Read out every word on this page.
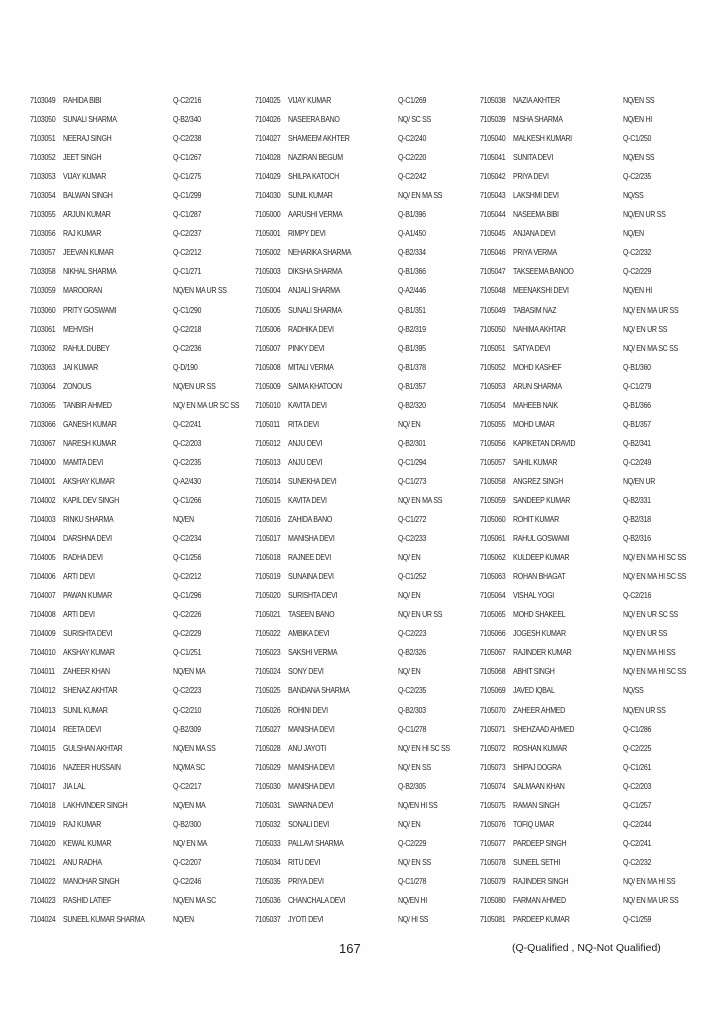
7103049 RAHIDA BIBI	Q-C2/216
7103050 SUNALI SHARMA	Q-B2/340
7103051 NEERAJ SINGH	Q-C2/238
7103052 JEET SINGH	Q-C1/267
7103053 VIJAY KUMAR	Q-C1/275
7103054 BALWAN SINGH	Q-C1/299
7103055 ARJUN KUMAR	Q-C1/287
7103056 RAJ KUMAR	Q-C2/237
7103057 JEEVAN KUMAR	Q-C2/212
7103058 NIKHAL SHARMA	Q-C1/271
7103059 MAROORAN	NQ/EN MA UR SS
7103060 PRITY GOSWAMI	Q-C1/290
7103061 MEHVISH	Q-C2/218
7103062 RAHUL DUBEY	Q-C2/236
7103063 JAI KUMAR	Q-D/190
7103064 ZONOUS	NQ/EN UR SS
7103065 TANBIR AHMED	NQ/ EN MA UR SC SS
7103066 GANESH KUMAR	Q-C2/241
7103067 NARESH KUMAR	Q-C2/203
7104000 MAMTA DEVI	Q-C2/235
7104001 AKSHAY KUMAR	Q-A2/430
7104002 KAPIL DEV SINGH	Q-C1/266
7104003 RINKU SHARMA	NQ/EN
7104004 DARSHNA DEVI	Q-C2/234
7104005 RADHA DEVI	Q-C1/256
7104006 ARTI DEVI	Q-C2/212
7104007 PAWAN KUMAR	Q-C1/296
7104008 ARTI DEVI	Q-C2/226
7104009 SURISHTA DEVI	Q-C2/229
7104010 AKSHAY KUMAR	Q-C1/251
7104011 ZAHEER KHAN	NQ/EN MA
7104012 SHENAZ AKHTAR	Q-C2/223
7104013 SUNIL KUMAR	Q-C2/210
7104014 REETA DEVI	Q-B2/309
7104015 GULSHAN AKHTAR	NQ/EN MA SS
7104016 NAZEER HUSSAIN	NQ/MA SC
7104017 JIA LAL	Q-C2/217
7104018 LAKHVINDER SINGH	NQ/EN MA
7104019 RAJ KUMAR	Q-B2/300
7104020 KEWAL KUMAR	NQ/ EN MA
7104021 ANU RADHA	Q-C2/207
7104022 MANOHAR SINGH	Q-C2/246
7104023 RASHID LATIEF	NQ/EN MA SC
7104024 SUNEEL KUMAR SHARMA	NQ/EN
7104025 VIJAY KUMAR	Q-C1/269
7104026 NASEERA BANO	NQ/ SC SS
7104027 SHAMEEM AKHTER	Q-C2/240
7104028 NAZIRAN BEGUM	Q-C2/220
7104029 SHILPA KATOCH	Q-C2/242
7104030 SUNIL KUMAR	NQ/ EN MA SS
7105000 AARUSHI VERMA	Q-B1/396
7105001 RIMPY DEVI	Q-A1/450
7105002 NEHARIKA SHARMA	Q-B2/334
7105003 DIKSHA SHARMA	Q-B1/366
7105004 ANJALI SHARMA	Q-A2/446
7105005 SUNALI SHARMA	Q-B1/351
7105006 RADHIKA DEVI	Q-B2/319
7105007 PINKY DEVI	Q-B1/395
7105008 MITALI VERMA	Q-B1/378
7105009 SAIMA KHATOON	Q-B1/357
7105010 KAVITA DEVI	Q-B2/320
7105011 RITA DEVI	NQ/ EN
7105012 ANJU DEVI	Q-B2/301
7105013 ANJU DEVI	Q-C1/294
7105014 SUNEKHA DEVI	Q-C1/273
7105015 KAVITA DEVI	NQ/ EN MA SS
7105016 ZAHIDA BANO	Q-C1/272
7105017 MANISHA DEVI	Q-C2/233
7105018 RAJNEE DEVI	NQ/ EN
7105019 SUNAINA DEVI	Q-C1/252
7105020 SURISHTA DEVI	NQ/ EN
7105021 TASEEN BANO	NQ/ EN UR SS
7105022 AMBIKA DEVI	Q-C2/223
7105023 SAKSHI VERMA	Q-B2/326
7105024 SONY DEVI	NQ/ EN
7105025 BANDANA SHARMA	Q-C2/235
7105026 ROHINI DEVI	Q-B2/303
7105027 MANISHA DEVI	Q-C1/278
7105028 ANU JAYOTI	NQ/ EN HI SC SS
7105029 MANISHA DEVI	NQ/ EN SS
7105030 MANISHA DEVI	Q-B2/305
7105031 SWARNA DEVI	NQ/EN HI SS
7105032 SONALI DEVI	NQ/ EN
7105033 PALLAVI SHARMA	Q-C2/229
7105034 RITU DEVI	NQ/ EN SS
7105035 PRIYA DEVI	Q-C1/278
7105036 CHANCHALA DEVI	NQ/EN HI
7105037 JYOTI DEVI	NQ/ HI SS
7105038 NAZIA AKHTER	NQ/EN SS
7105039 NISHA SHARMA	NQ/EN HI
7105040 MALKESH KUMARI	Q-C1/250
7105041 SUNITA DEVI	NQ/EN SS
7105042 PRIYA DEVI	Q-C2/235
7105043 LAKSHMI DEVI	NQ/SS
7105044 NASEEMA BIBI	NQ/EN UR SS
7105045 ANJANA DEVI	NQ/EN
7105046 PRIYA VERMA	Q-C2/232
7105047 TAKSEEMA BANOO	Q-C2/229
7105048 MEENAKSHI DEVI	NQ/EN HI
7105049 TABASIM NAZ	NQ/ EN MA UR SS
7105050 NAHIMA AKHTAR	NQ/ EN UR SS
7105051 SATYA DEVI	NQ/ EN MA SC SS
7105052 MOHD KASHEF	Q-B1/360
7105053 ARUN SHARMA	Q-C1/279
7105054 MAHEEB NAIK	Q-B1/366
7105055 MOHD UMAR	Q-B1/357
7105056 KAPIKETAN DRAVID	Q-B2/341
7105057 SAHIL KUMAR	Q-C2/249
7105058 ANGREZ SINGH	NQ/EN UR
7105059 SANDEEP KUMAR	Q-B2/331
7105060 ROHIT KUMAR	Q-B2/318
7105061 RAHUL GOSWAMI	Q-B2/316
7105062 KULDEEP KUMAR	NQ/ EN MA HI SC SS
7105063 ROHAN BHAGAT	NQ/ EN MA HI SC SS
7105064 VISHAL YOGI	Q-C2/216
7105065 MOHD SHAKEEL	NQ/ EN UR SC SS
7105066 JOGESH KUMAR	NQ/ EN UR SS
7105067 RAJINDER KUMAR	NQ/ EN MA HI SS
7105068 ABHIT SINGH	NQ/ EN MA HI SC SS
7105069 JAVED IQBAL	NQ/SS
7105070 ZAHEER AHMED	NQ/EN UR SS
7105071 SHEHZAAD AHMED	Q-C1/286
7105072 ROSHAN KUMAR	Q-C2/225
7105073 SHIPAJ DOGRA	Q-C1/261
7105074 SALMAAN KHAN	Q-C2/203
7105075 RAMAN SINGH	Q-C1/257
7105076 TOFIQ UMAR	Q-C2/244
7105077 PARDEEP SINGH	Q-C2/241
7105078 SUNEEL SETHI	Q-C2/232
7105079 RAJINDER SINGH	NQ/ EN MA HI SS
7105080 FARMAN AHMED	NQ/ EN MA UR SS
7105081 PARDEEP KUMAR	Q-C1/259
167	(Q-Qualified , NQ-Not Qualified)
